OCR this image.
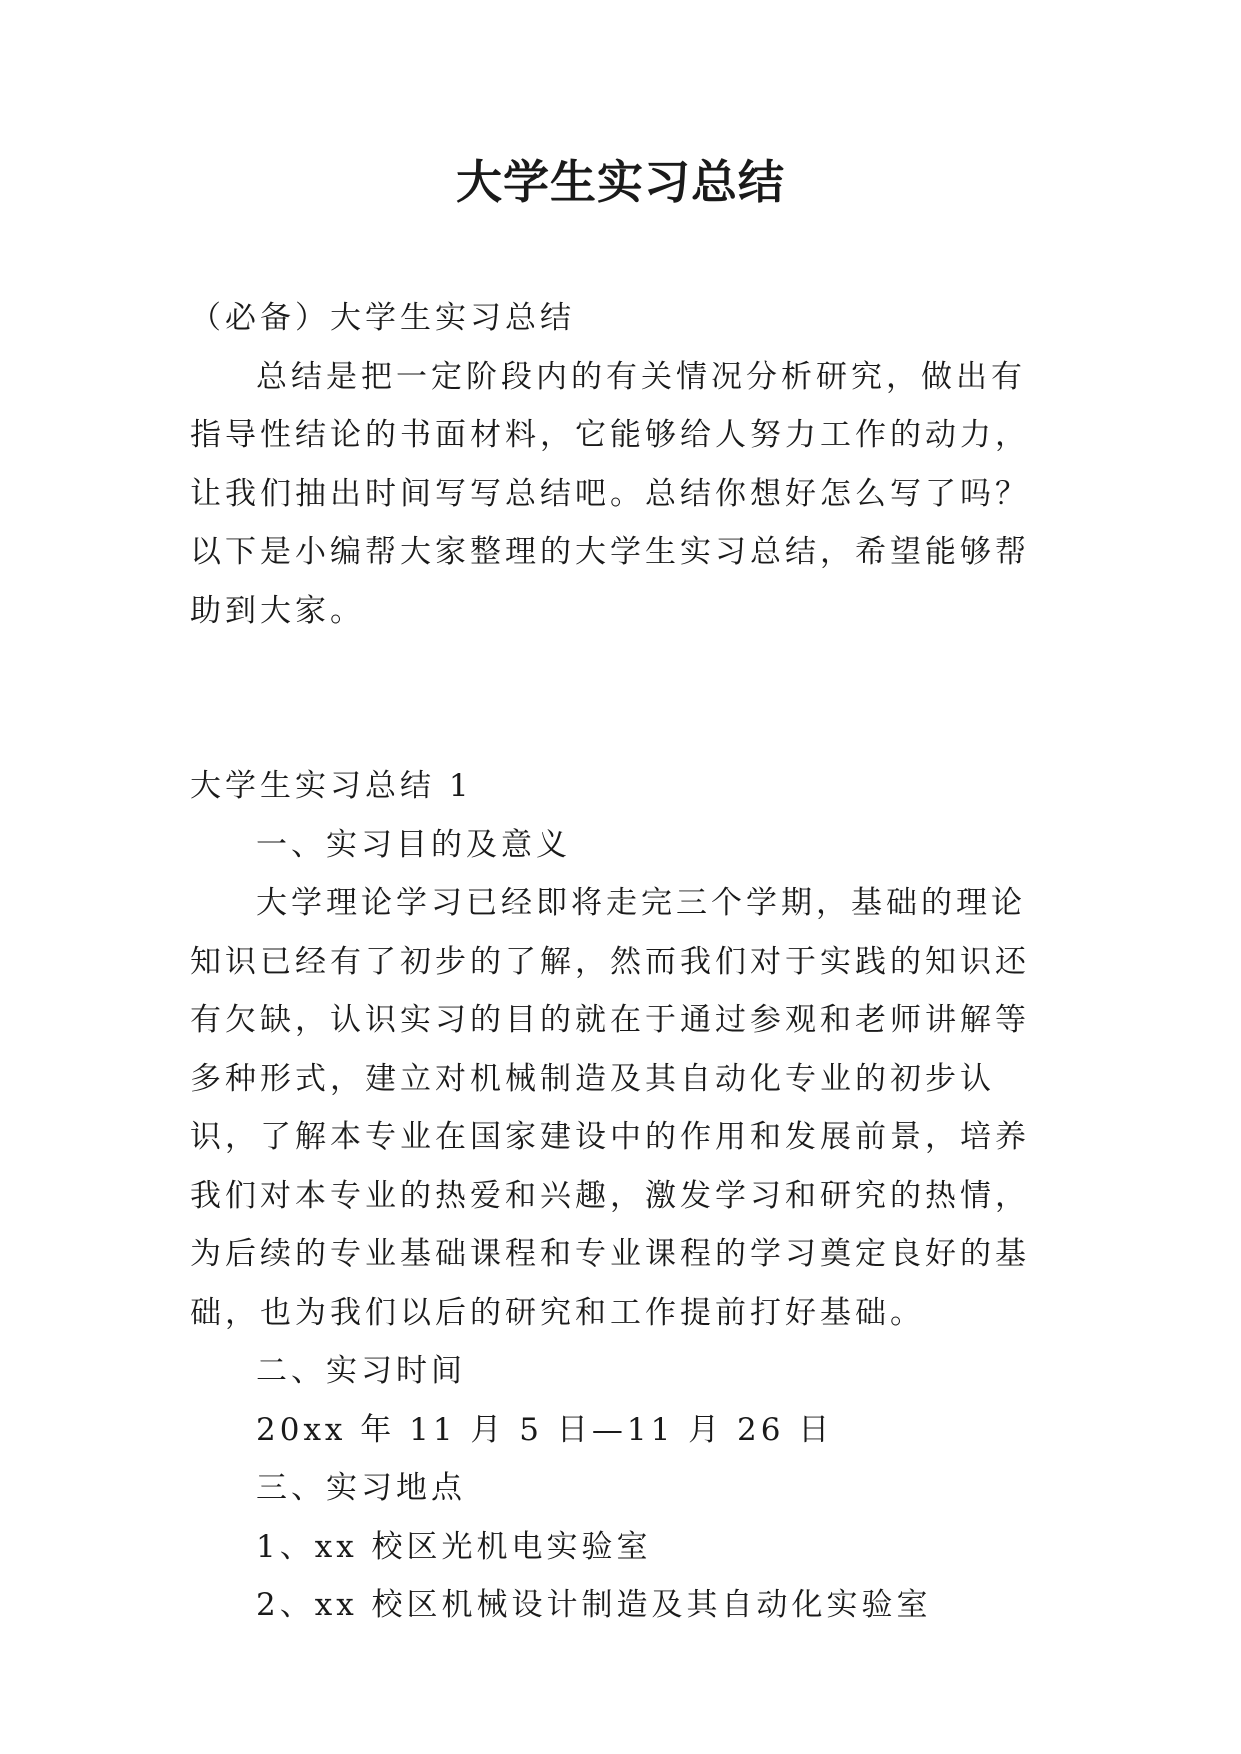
大学生实习总结

（必备）大学生实习总结

总结是把一定阶段内的有关情况分析研究，做出有指导性结论的书面材料，它能够给人努力工作的动力，让我们抽出时间写写总结吧。总结你想好怎么写了吗？以下是小编帮大家整理的大学生实习总结，希望能够帮助到大家。

大学生实习总结 1

一、实习目的及意义

大学理论学习已经即将走完三个学期，基础的理论知识已经有了初步的了解，然而我们对于实践的知识还有欠缺，认识实习的目的就在于通过参观和老师讲解等多种形式，建立对机械制造及其自动化专业的初步认识，了解本专业在国家建设中的作用和发展前景，培养我们对本专业的热爱和兴趣，激发学习和研究的热情，为后续的专业基础课程和专业课程的学习奠定良好的基础，也为我们以后的研究和工作提前打好基础。

二、实习时间

20xx 年 11 月 5 日—11 月 26 日

三、实习地点

1、xx 校区光机电实验室

2、xx 校区机械设计制造及其自动化实验室
